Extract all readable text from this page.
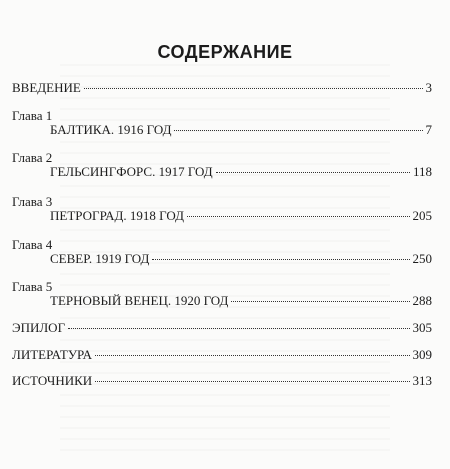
СОДЕРЖАНИЕ
ВВЕДЕНИЕ	3
Глава 1
БАЛТИКА. 1916 ГОД	7
Глава 2
ГЕЛЬСИНГФОРС. 1917 ГОД	118
Глава 3
ПЕТРОГРАД. 1918 ГОД	205
Глава 4
СЕВЕР. 1919 ГОД	250
Глава 5
ТЕРНОВЫЙ ВЕНЕЦ. 1920 ГОД	288
ЭПИЛОГ	305
ЛИТЕРАТУРА	309
ИСТОЧНИКИ	313
